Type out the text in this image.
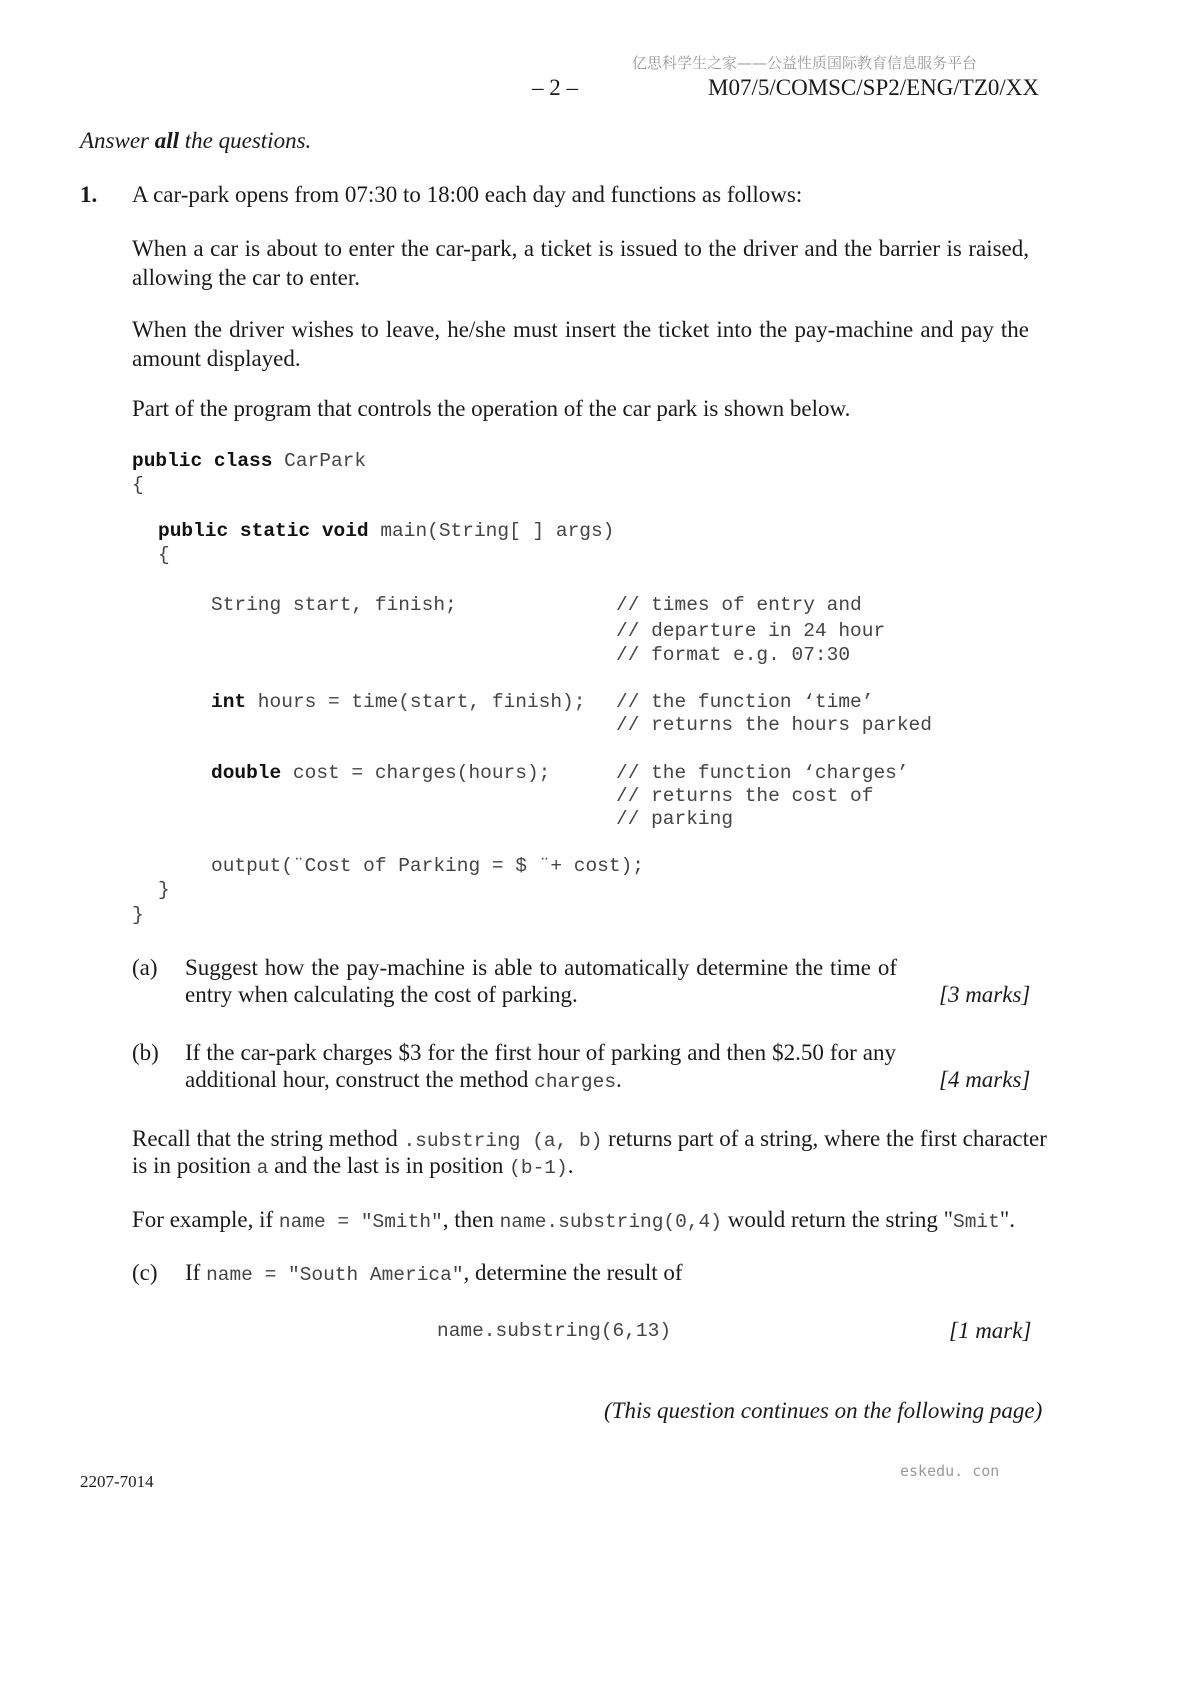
亿思科学生之家——公益性质国际教育信息服务平台
– 2 –	M07/5/COMSC/SP2/ENG/TZ0/XX
Answer all the questions.
1. A car-park opens from 07:30 to 18:00 each day and functions as follows:
When a car is about to enter the car-park, a ticket is issued to the driver and the barrier is raised, allowing the car to enter.
When the driver wishes to leave, he/she must insert the ticket into the pay-machine and pay the amount displayed.
Part of the program that controls the operation of the car park is shown below.
public class CarPark
{
public static void main(String[ ] args)
{
String start, finish;	// times of entry and
// departure in 24 hour
// format e.g. 07:30
int hours = time(start, finish); // the function ‘time’
// returns the hours parked
double cost = charges(hours);	// the function ‘charges’
// returns the cost of
// parking
output(¨Cost of Parking = $ ¨+ cost);
}
}
(a) Suggest how the pay-machine is able to automatically determine the time of
entry when calculating the cost of parking.	[3 marks]
(b) If the car-park charges $3 for the first hour of parking and then $2.50 for any
additional hour, construct the method charges.	[4 marks]
Recall that the string method .substring (a, b) returns part of a string, where the first character
is in position a and the last is in position (b-1).
For example, if name = "Smith", then name.substring(0,4) would return the string "Smit".
(c) If name = "South America", determine the result of
name.substring(6,13)	[1 mark]
(This question continues on the following page)
eskedu. con
2207-7014
